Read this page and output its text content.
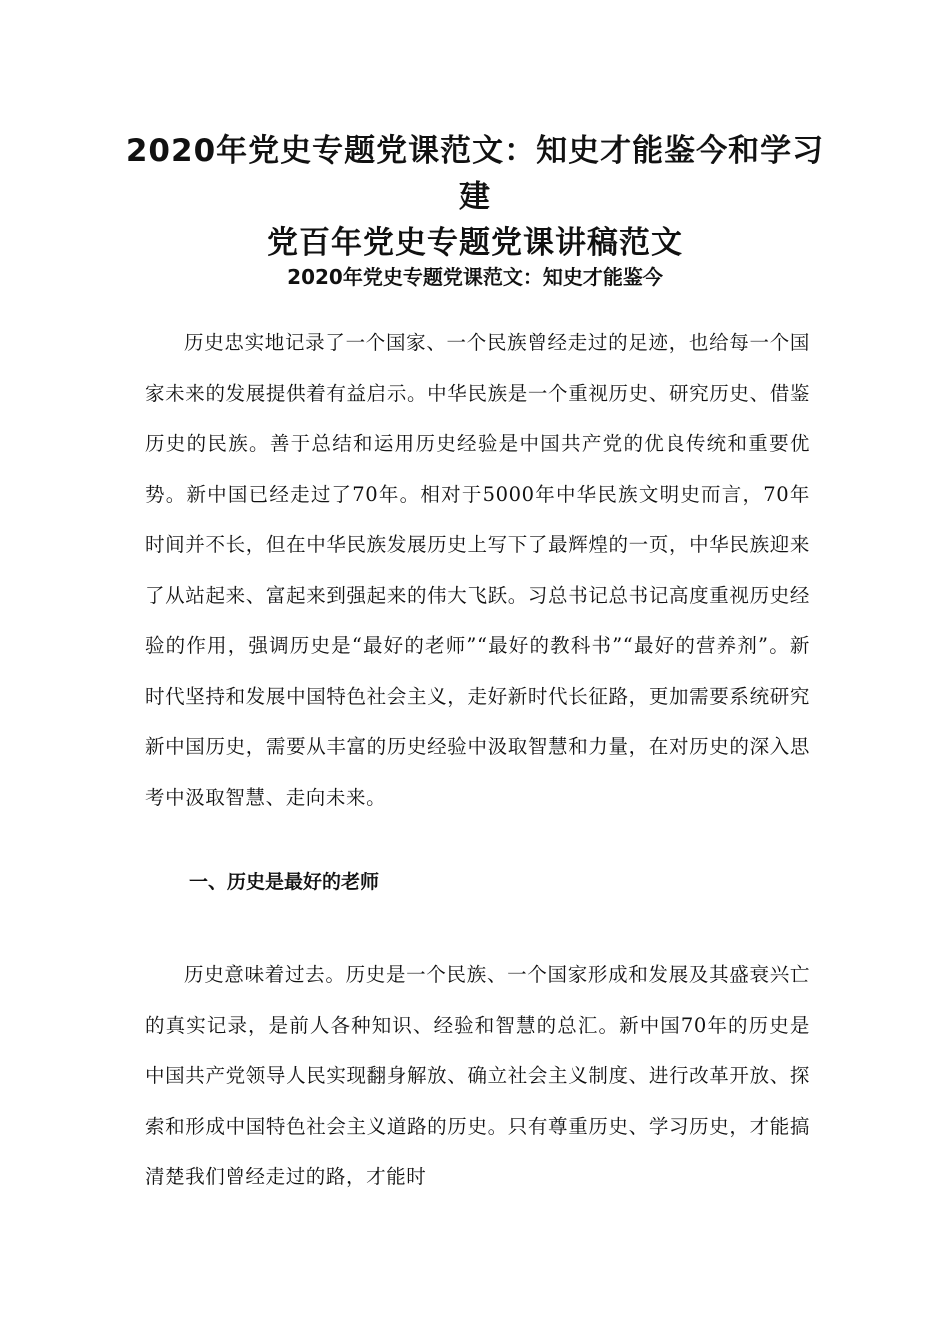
2020年党史专题党课范文：知史才能鉴今和学习建
党百年党史专题党课讲稿范文
2020年党史专题党课范文：知史才能鉴今

历史忠实地记录了一个国家、一个民族曾经走过的足迹，也给每一个国家未来的发展提供着有益启示。中华民族是一个重视历史、研究历史、借鉴历史的民族。善于总结和运用历史经验是中国共产党的优良传统和重要优势。新中国已经走过了70年。相对于5000年中华民族文明史而言，70年时间并不长，但在中华民族发展历史上写下了最辉煌的一页，中华民族迎来了从站起来、富起来到强起来的伟大飞跃。习总书记总书记高度重视历史经验的作用，强调历史是“最好的老师”“最好的教科书”“最好的营养剂”。新时代坚持和发展中国特色社会主义，走好新时代长征路，更加需要系统研究新中国历史，需要从丰富的历史经验中汲取智慧和力量，在对历史的深入思考中汲取智慧、走向未来。

一、历史是最好的老师

历史意味着过去。历史是一个民族、一个国家形成和发展及其盛衰兴亡的真实记录，是前人各种知识、经验和智慧的总汇。新中国70年的历史是中国共产党领导人民实现翻身解放、确立社会主义制度、进行改革开放、探索和形成中国特色社会主义道路的历史。只有尊重历史、学习历史，才能搞清楚我们曾经走过的路，才能时
